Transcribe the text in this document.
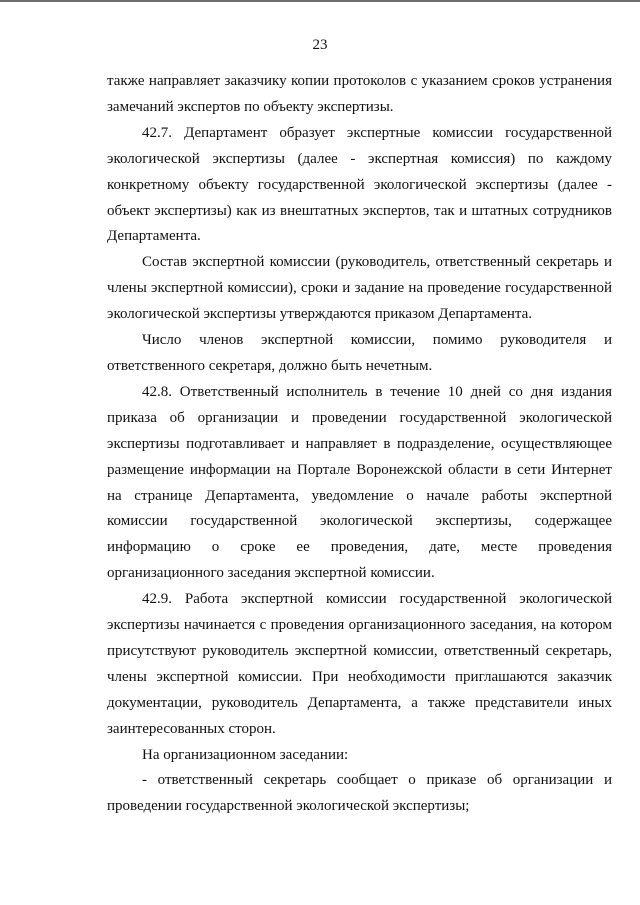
23

также направляет заказчику копии протоколов с указанием сроков устранения замечаний экспертов по объекту экспертизы.

42.7. Департамент образует экспертные комиссии государственной экологической экспертизы (далее - экспертная комиссия) по каждому конкретному объекту государственной экологической экспертизы (далее - объект экспертизы) как из внештатных экспертов, так и штатных сотрудников Департамента.

Состав экспертной комиссии (руководитель, ответственный секретарь и члены экспертной комиссии), сроки и задание на проведение государственной экологической экспертизы утверждаются приказом Департамента.

Число членов экспертной комиссии, помимо руководителя и ответственного секретаря, должно быть нечетным.

42.8. Ответственный исполнитель в течение 10 дней со дня издания приказа об организации и проведении государственной экологической экспертизы подготавливает и направляет в подразделение, осуществляющее размещение информации на Портале Воронежской области в сети Интернет на странице Департамента, уведомление о начале работы экспертной комиссии государственной экологической экспертизы, содержащее информацию о сроке ее проведения, дате, месте проведения организационного заседания экспертной комиссии.

42.9. Работа экспертной комиссии государственной экологической экспертизы начинается с проведения организационного заседания, на котором присутствуют руководитель экспертной комиссии, ответственный секретарь, члены экспертной комиссии. При необходимости приглашаются заказчик документации, руководитель Департамента, а также представители иных заинтересованных сторон.

На организационном заседании:

- ответственный секретарь сообщает о приказе об организации и проведении государственной экологической экспертизы;
